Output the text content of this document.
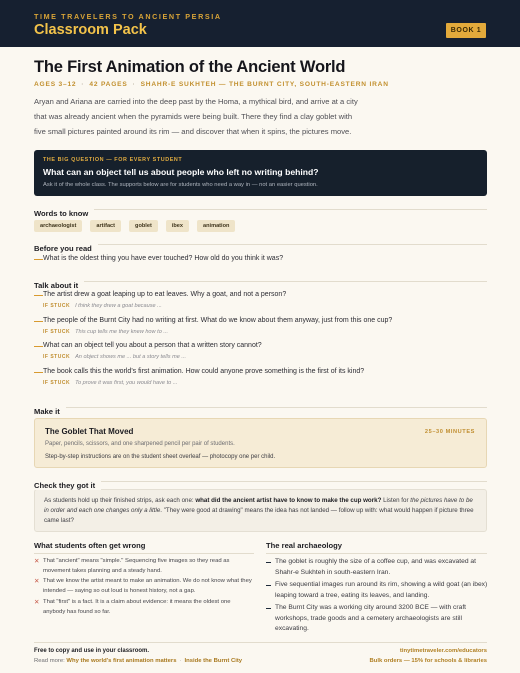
TIME TRAVELERS TO ANCIENT PERSIA
Classroom Pack	BOOK 1
The First Animation of the Ancient World
AGES 3–12 · 42 PAGES · SHAHR-E SUKHTEH — THE BURNT CITY, SOUTH-EASTERN IRAN
Aryan and Ariana are carried into the deep past by the Homa, a mythical bird, and arrive at a city that was already ancient when the pyramids were being built. There they find a clay goblet with five small pictures painted around its rim — and discover that when it spins, the pictures move.
THE BIG QUESTION — FOR EVERY STUDENT
What can an object tell us about people who left no writing behind?
Ask it of the whole class. The supports below are for students who need a way in — not an easier question.
Words to know
archaeologist	artifact	goblet	ibex	animation
Before you read
What is the oldest thing you have ever touched? How old do you think it was?
Talk about it
The artist drew a goat leaping up to eat leaves. Why a goat, and not a person?
IF STUCK I think they drew a goat because ...
The people of the Burnt City had no writing at first. What do we know about them anyway, just from this one cup?
IF STUCK This cup tells me they knew how to ...
What can an object tell you about a person that a written story cannot?
IF STUCK An object shows me ... but a story tells me ...
The book calls this the world's first animation. How could anyone prove something is the first of its kind?
IF STUCK To prove it was first, you would have to ...
Make it
The Goblet That Moved	25–30 MINUTES
Paper, pencils, scissors, and one sharpened pencil per pair of students.
Step-by-step instructions are on the student sheet overleaf — photocopy one per child.
Check they got it
As students hold up their finished strips, ask each one: what did the ancient artist have to know to make the cup work? Listen for the pictures have to be in order and each one changes only a little. "They were good at drawing" means the idea has not landed — follow up with: what would happen if picture three came last?
What students often get wrong
✕ That "ancient" means "simple." Sequencing five images so they read as movement takes planning and a steady hand.
✕ That we know the artist meant to make an animation. We do not know what they intended — saying so out loud is honest history, not a gap.
✕ That "first" is a fact. It is a claim about evidence: it means the oldest one anybody has found so far.
The real archaeology
The goblet is roughly the size of a coffee cup, and was excavated at Shahr-e Sukhteh in south-eastern Iran.
Five sequential images run around its rim, showing a wild goat (an ibex) leaping toward a tree, eating its leaves, and landing.
The Burnt City was a working city around 3200 BCE — with craft workshops, trade goods and a cemetery archaeologists are still excavating.
Free to copy and use in your classroom.
Read more: Why the world's first animation matters · Inside the Burnt City
tinytimetraveler.com/educators
Bulk orders — 15% for schools & libraries
